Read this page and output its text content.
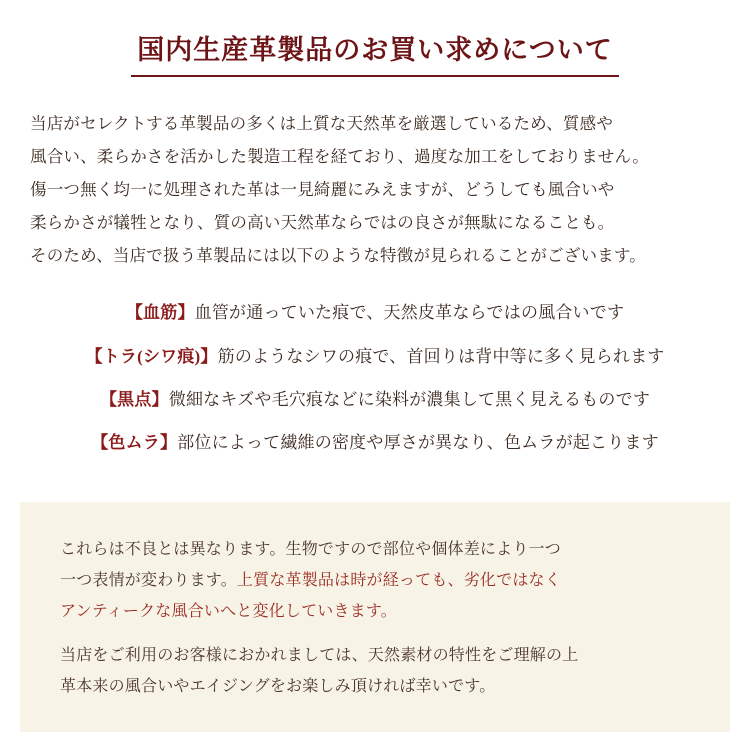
国内生産革製品のお買い求めについて

当店がセレクトする革製品の多くは上質な天然革を厳選しているため、質感や

風合い、柔らかさを活かした製造工程を経ており、過度な加工をしておりません。

傷一つ無く均一に処理された革は一見綺麗にみえますが、どうしても風合いや

柔らかさが犠牲となり、質の高い天然革ならではの良さが無駄になることも。

そのため、当店で扱う革製品には以下のような特徴が見られることがございます。

【血筋】血管が通っていた痕で、天然皮革ならではの風合いです
【トラ(シワ痕)】筋のようなシワの痕で、首回りは背中等に多く見られます
【黒点】微細なキズや毛穴痕などに染料が濃集して黒く見えるものです
【色ムラ】部位によって繊維の密度や厚さが異なり、色ムラが起こります

これらは不良とは異なります。生物ですので部位や個体差により一つ

一つ表情が変わります。上質な革製品は時が経っても、劣化ではなく

アンティークな風合いへと変化していきます。

当店をご利用のお客様におかれましては、天然素材の特性をご理解の上

革本来の風合いやエイジングをお楽しみ頂ければ幸いです。
